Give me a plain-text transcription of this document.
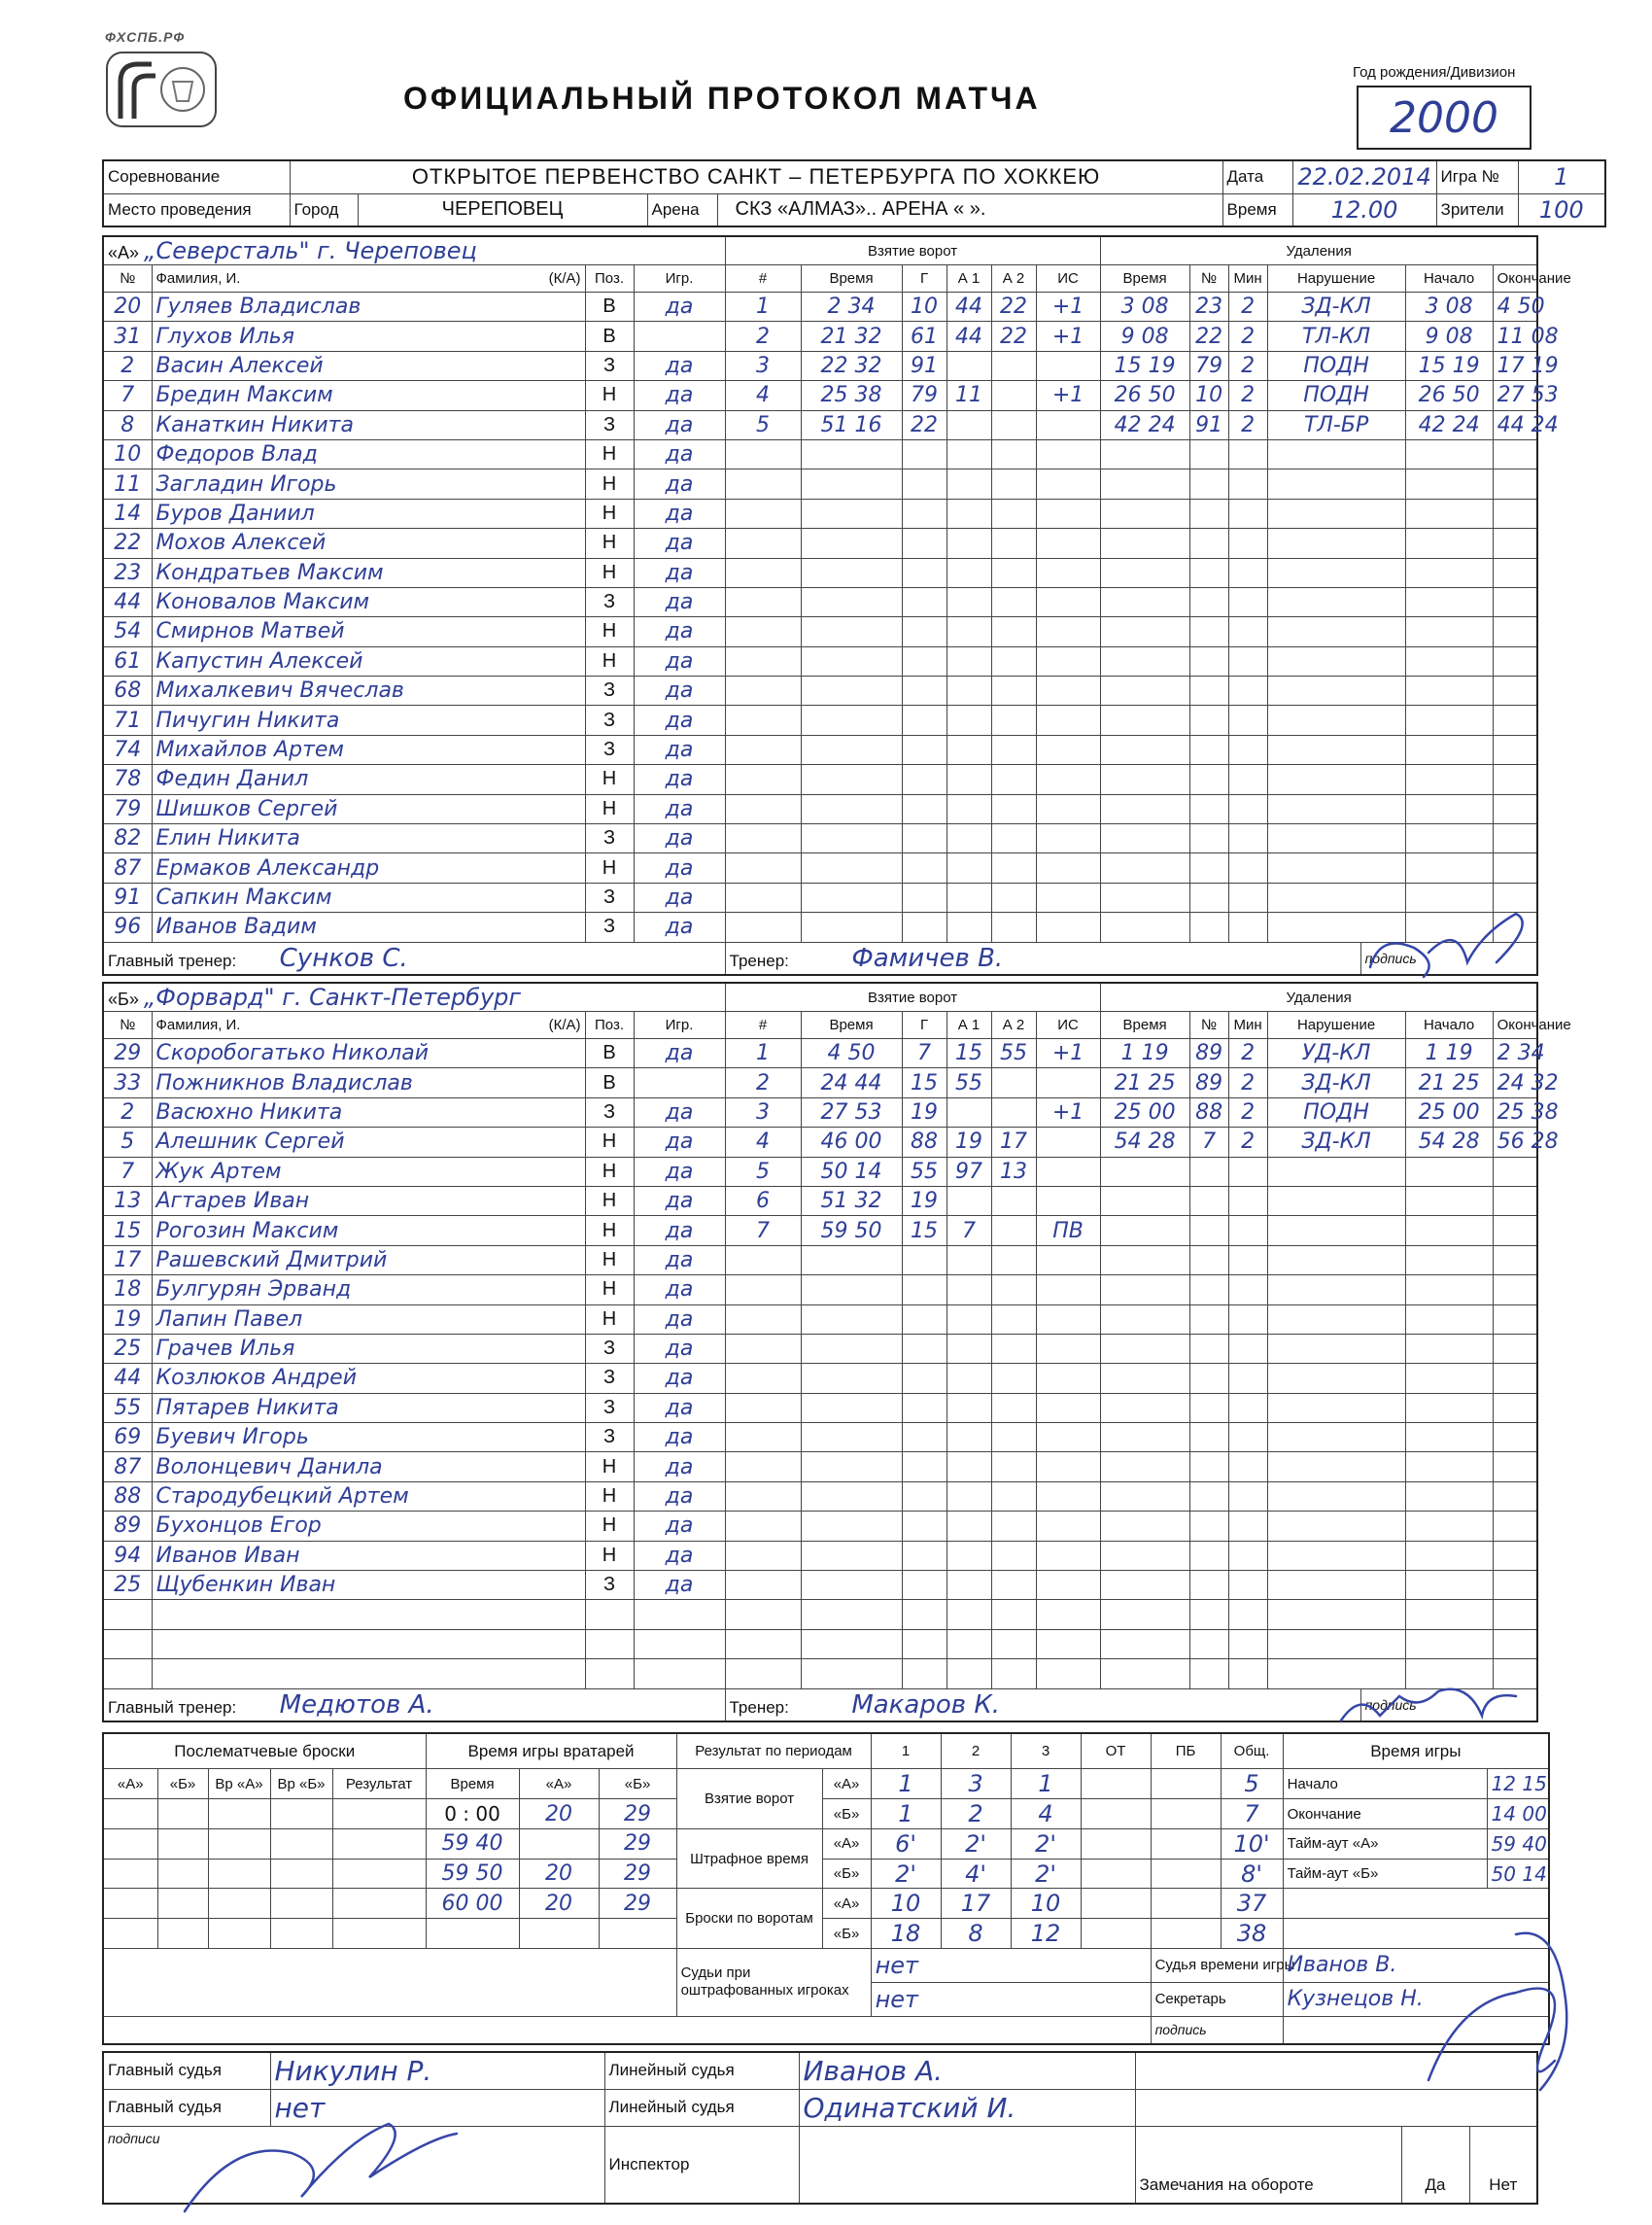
ФХСПБ.РФ
ОФИЦИАЛЬНЫЙ ПРОТОКОЛ МАТЧА
Год рождения/Дивизион
2000
Соревнование	ОТКРЫТОЕ ПЕРВЕНСТВО САНКТ – ПЕТЕРБУРГА ПО ХОККЕЮ				Дата	22.02.2014	Игра №	1
Место проведения	Город	ЧЕРЕПОВЕЦ	Арена	СКЗ «АЛМАЗ».. АРЕНА « ».	Время	12.00	Зрители	100
«А» „Северсталь" г. Череповец				Взятие ворот						Удаления						
№	Фамилия, И. (К/А)	Поз.	Игр.	#	Время	Г	А 1	А 2	ИС	Время	№	Мин	Нарушение		Начало	Окончание
20	Гуляев Владислав	В	да	1	2 34	10	44	22	+1	3 08	23	2	ЗД-КЛ		3 08	4 50
31	Глухов Илья	В		2	21 32	61	44	22	+1	9 08	22	2	ТЛ-КЛ		9 08	11 08
2	Васин Алексей	З	да	3	22 32	91				15 19	79	2	ПОДН		15 19	17 19
7	Бредин Максим	Н	да	4	25 38	79	11		+1	26 50	10	2	ПОДН		26 50	27 53
8	Канаткин Никита	З	да	5	51 16	22				42 24	91	2	ТЛ-БР		42 24	44 24
10	Федоров Влад	Н	да													
11	Загладин Игорь	Н	да													
14	Буров Даниил	Н	да													
22	Мохов Алексей	Н	да													
23	Кондратьев Максим	Н	да													
44	Коновалов Максим	З	да													
54	Смирнов Матвей	Н	да													
61	Капустин Алексей	Н	да													
68	Михалкевич Вячеслав	З	да													
71	Пичугин Никита	З	да													
74	Михайлов Артем	З	да													
78	Федин Данил	Н	да													
79	Шишков Сергей	Н	да													
82	Елин Никита	З	да													
87	Ермаков Александр	Н	да													
91	Сапкин Максим	З	да													
96	Иванов Вадим	З	да													
Главный тренер: Сунков С.				Тренер: Фамичев В.										подпись		
«Б» „Форвард" г. Санкт-Петербург				Взятие ворот						Удаления						
№	Фамилия, И. (К/А)	Поз.	Игр.	#	Время	Г	А 1	А 2	ИС	Время	№	Мин	Нарушение		Начало	Окончание
29	Скоробогатько Николай	В	да	1	4 50	7	15	55	+1	1 19	89	2	УД-КЛ		1 19	2 34
33	Пожникнов Владислав	В		2	24 44	15	55			21 25	89	2	ЗД-КЛ		21 25	24 32
2	Васюхно Никита	З	да	3	27 53	19			+1	25 00	88	2	ПОДН		25 00	25 38
5	Алешник Сергей	Н	да	4	46 00	88	19	17		54 28	7	2	ЗД-КЛ		54 28	56 28
7	Жук Артем	Н	да	5	50 14	55	97	13								
13	Агтарев Иван	Н	да	6	51 32	19										
15	Рогозин Максим	Н	да	7	59 50	15	7		ПВ							
17	Рашевский Дмитрий	Н	да													
18	Булгурян Эрванд	Н	да													
19	Лапин Павел	Н	да													
25	Грачев Илья	З	да													
44	Козлюков Андрей	З	да													
55	Пятарев Никита	З	да													
69	Буевич Игорь	З	да													
87	Волонцевич Данила	Н	да													
88	Стародубецкий Артем	Н	да													
89	Бухонцов Егор	Н	да													
94	Иванов Иван	Н	да													
25	Щубенкин Иван	З	да													

Главный тренер: Медютов А.				Тренер: Макаров К.										подпись		
Послематчевые броски					Время игры вратарей			Результат по периодам		1	2	3	ОТ	ПБ	Общ.	Время игры	
«А»	«Б»	Вр «А»	Вр «Б»	Результат	Время	«А»	«Б»	Взятие ворот	«А»	1	3	1			5	Начало	12 15
					0 : 00	20	29		«Б»	1	2	4			7	Окончание	14 00
					59 40		29	Штрафное время	«А»	6'	2'	2'			10'	Тайм-аут «А»	59 40
					59 50	20	29		«Б»	2'	4'	2'			8'	Тайм-аут «Б»	50 14
					60 00	20	29	Броски по воротам	«А»	10	17	10			37		
									«Б»	18	8	12			38		
								Судьи при оштрафованных игроках		нет				Судья времени игры		Иванов В.	
										нет				Секретарь		Кузнецов Н.	
														подпись			
Главный судья	Никулин Р.	Линейный судья	Иванов А.			
Главный судья	нет	Линейный судья	Одинатский И.			
подписи		Инспектор		Замечания на обороте	Да	Нет
